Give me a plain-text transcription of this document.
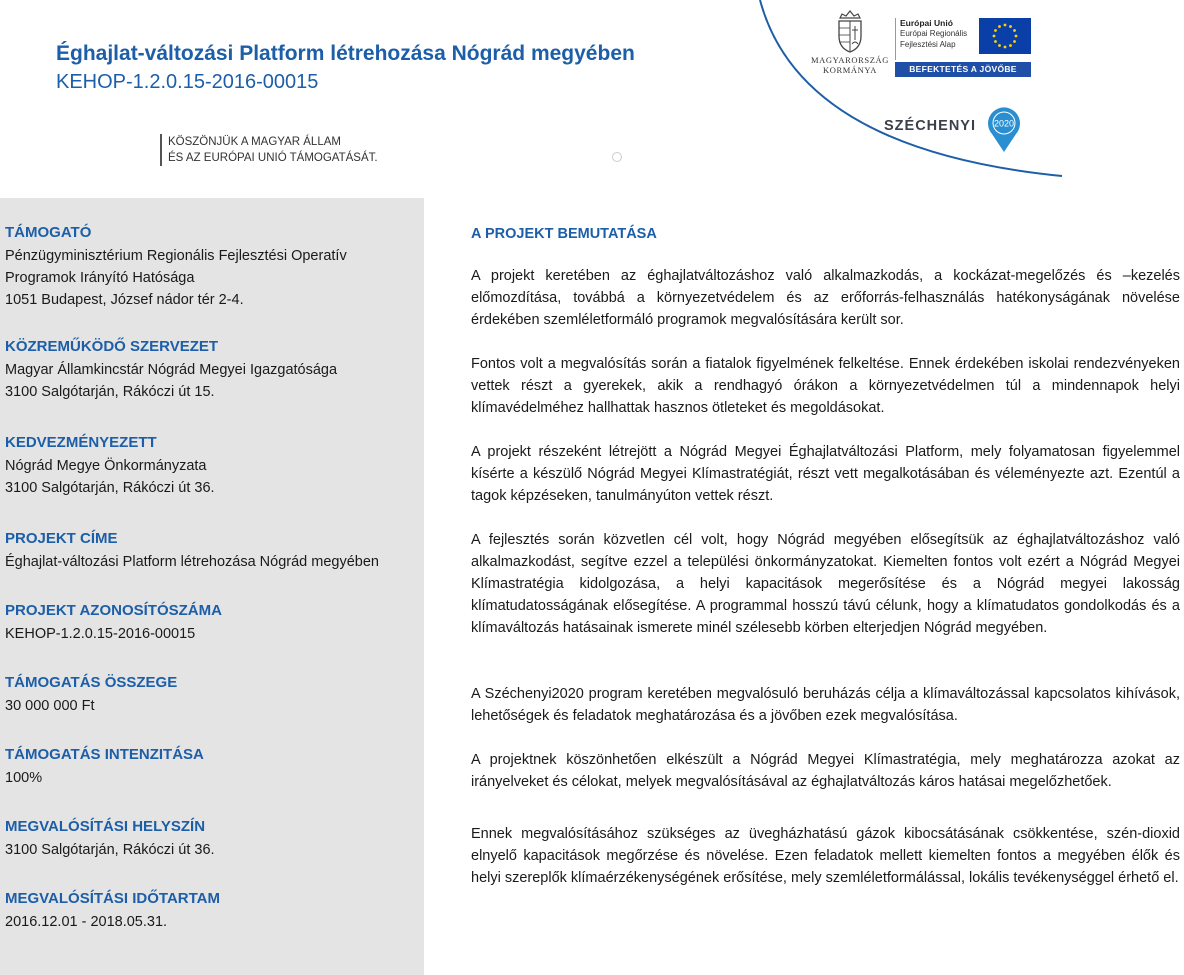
Éghajlat-változási Platform létrehozása Nógrád megyében
KEHOP-1.2.0.15-2016-00015
KÖSZÖNJÜK A MAGYAR ÁLLAM
ÉS AZ EURÓPAI UNIÓ TÁMOGATÁSÁT.
MAGYARORSZÁG
KORMÁNYA
Európai Unió
Európai Regionális
Fejlesztési Alap
BEFEKTETÉS A JÖVŐBE
SZÉCHENYI 2020
TÁMOGATÓ
Pénzügyminisztérium Regionális Fejlesztési Operatív
Programok Irányító Hatósága
1051 Budapest, József nádor tér 2-4.
KÖZREMŰKÖDŐ SZERVEZET
Magyar Államkincstár Nógrád Megyei Igazgatósága
3100 Salgótarján, Rákóczi út 15.
KEDVEZMÉNYEZETT
Nógrád Megye Önkormányzata
3100 Salgótarján, Rákóczi út 36.
PROJEKT CÍME
Éghajlat-változási Platform létrehozása Nógrád megyében
PROJEKT AZONOSÍTÓSZÁMA
KEHOP-1.2.0.15-2016-00015
TÁMOGATÁS ÖSSZEGE
30 000 000 Ft
TÁMOGATÁS INTENZITÁSA
100%
MEGVALÓSÍTÁSI HELYSZÍN
3100 Salgótarján, Rákóczi út 36.
MEGVALÓSÍTÁSI IDŐTARTAM
2016.12.01 - 2018.05.31.
A PROJEKT BEMUTATÁSA

A projekt keretében az éghajlatváltozáshoz való alkalmazkodás, a kockázat-megelőzés és –kezelés előmozdítása, továbbá a környezetvédelem és az erőforrás-felhasználás hatékonyságának növelése érdekében szemléletformáló programok megvalósítására került sor.

Fontos volt a megvalósítás során a fiatalok figyelmének felkeltése. Ennek érdekében iskolai rendezvényeken vettek részt a gyerekek, akik a rendhagyó órákon a környezetvédelmen túl a mindennapok helyi klímavédelméhez hallhattak hasznos ötleteket és megoldásokat.

A projekt részeként létrejött a Nógrád Megyei Éghajlatváltozási Platform, mely folyamatosan figyelemmel kísérte a készülő Nógrád Megyei Klímastratégiát, részt vett megalkotásában és véleményezte azt. Ezentúl a tagok képzéseken, tanulmányúton vettek részt.

A fejlesztés során közvetlen cél volt, hogy Nógrád megyében elősegítsük az éghajlatváltozáshoz való alkalmazkodást, segítve ezzel a települési önkormányzatokat. Kiemelten fontos volt ezért a Nógrád Megyei Klímastratégia kidolgozása, a helyi kapacitások megerősítése és a Nógrád megyei lakosság klímatudatosságának elősegítése. A programmal hosszú távú célunk, hogy a klímatudatos gondolkodás és a klímaváltozás hatásainak ismerete minél szélesebb körben elterjedjen Nógrád megyében.

A Széchenyi2020 program keretében megvalósuló beruházás célja a klímaváltozással kapcsolatos kihívások, lehetőségek és feladatok meghatározása és a jövőben ezek megvalósítása.

A projektnek köszönhetően elkészült a Nógrád Megyei Klímastratégia, mely meghatározza azokat az irányelveket és célokat, melyek megvalósításával az éghajlatváltozás káros hatásai megelőzhetőek.

Ennek megvalósításához szükséges az üvegházhatású gázok kibocsátásának csökkentése, szén-dioxid elnyelő kapacitások megőrzése és növelése. Ezen feladatok mellett kiemelten fontos a megyében élők és helyi szereplők klímaérzékenységének erősítése, mely szemléletformálással, lokális tevékenységgel érhető el.
